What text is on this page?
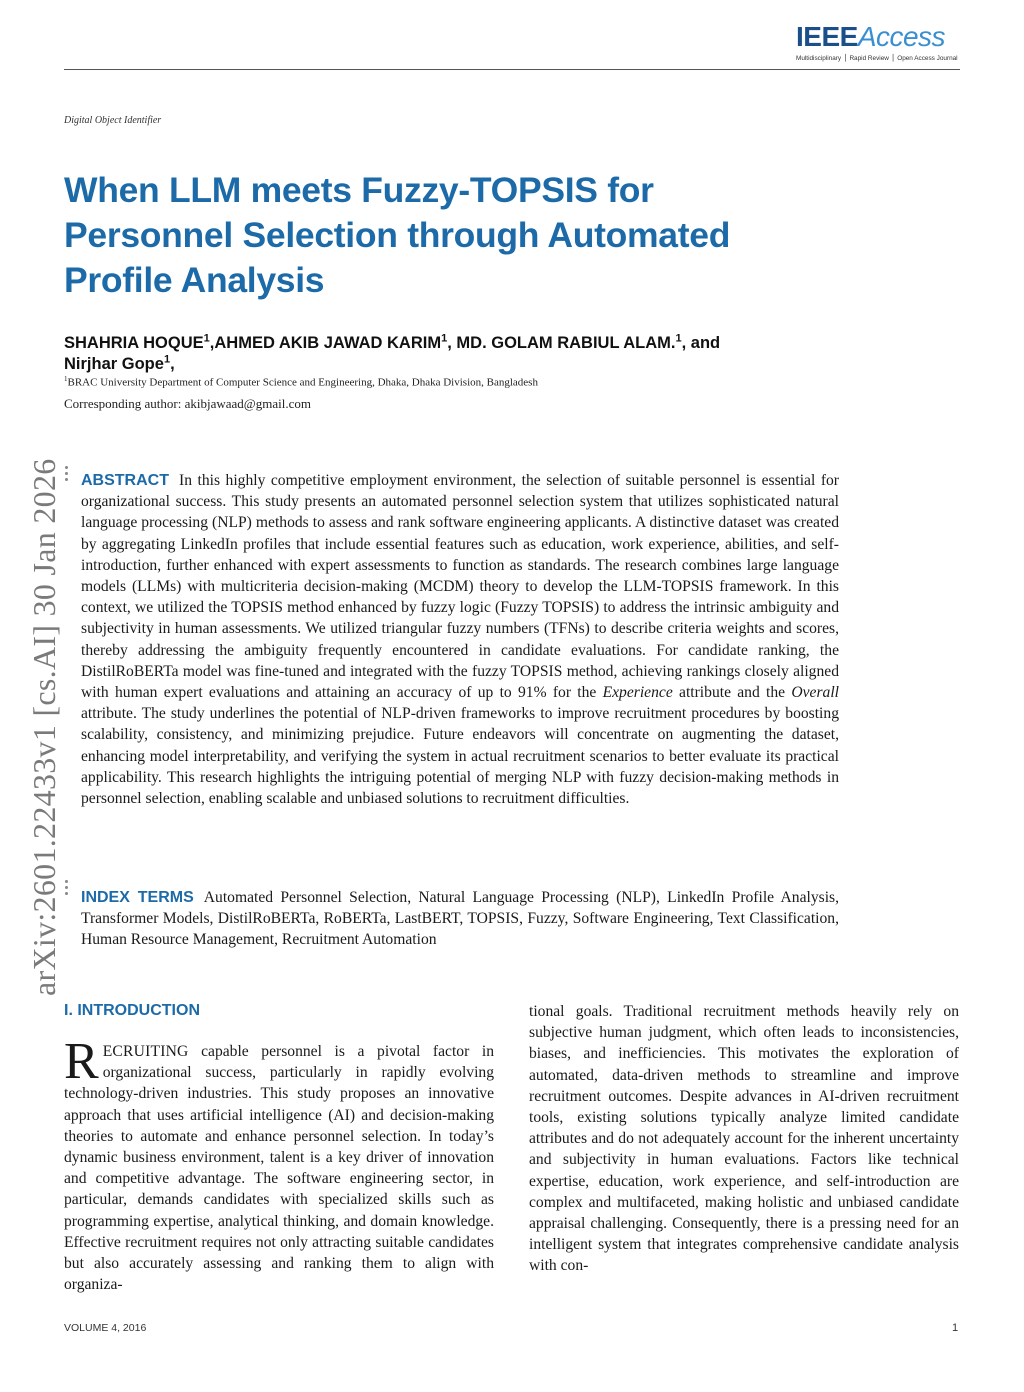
IEEEAccess
Multidisciplinary ⎪ Rapid Review ⎪ Open Access Journal
Digital Object Identifier
When LLM meets Fuzzy-TOPSIS for
Personnel Selection through Automated
Profile Analysis
SHAHRIA HOQUE$^1$,AHMED AKIB JAWAD KARIM$^1$, MD. GOLAM RABIUL ALAM.$^1$, and
Nirjhar Gope$^1$,
$^1$BRAC University Department of Computer Science and Engineering, Dhaka, Dhaka Division, Bangladesh
Corresponding author: akibjawaad@gmail.com
arXiv:2601.22433v1 [cs.AI] 30 Jan 2026 ABSTRACT In this highly competitive employment environment, the selection of suitable personnel is essential for organizational success. This study presents an automated personnel selection system that utilizes sophisticated natural language processing (NLP) methods to assess and rank software engineering applicants. A distinctive dataset was created by aggregating LinkedIn profiles that include essential features such as education, work experience, abilities, and self-introduction, further enhanced with expert assessments to function as standards. The research combines large language models (LLMs) with multicriteria decision-making (MCDM) theory to develop the LLM-TOPSIS framework. In this context, we utilized the TOPSIS method enhanced by fuzzy logic (Fuzzy TOPSIS) to address the intrinsic ambiguity and subjectivity in human assessments. We utilized triangular fuzzy numbers (TFNs) to describe criteria weights and scores, thereby addressing the ambiguity frequently encountered in candidate evaluations. For candidate ranking, the DistilRoBERTa model was fine-tuned and integrated with the fuzzy TOPSIS method, achieving rankings closely aligned with human expert evaluations and attaining an accuracy of up to 91% for the Experience attribute and the Overall attribute. The study underlines the potential of NLP-driven frameworks to improve recruitment procedures by boosting scalability, consistency, and minimizing prejudice. Future endeavors will concentrate on augmenting the dataset, enhancing model interpretability, and verifying the system in actual recruitment scenarios to better evaluate its practical applicability. This research highlights the intriguing potential of merging NLP with fuzzy decision-making methods in personnel selection, enabling scalable and unbiased solutions to recruitment difficulties.
INDEX TERMS Automated Personnel Selection, Natural Language Processing (NLP), LinkedIn Profile Analysis, Transformer Models, DistilRoBERTa, RoBERTa, LastBERT, TOPSIS, Fuzzy, Software Engineering, Text Classification, Human Resource Management, Recruitment Automation
I. INTRODUCTION
RECRUITING capable personnel is a pivotal factor in organizational success, particularly in rapidly evolving technology-driven industries. This study proposes an innovative approach that uses artificial intelligence (AI) and decision-making theories to automate and enhance personnel selection. In today’s dynamic business environment, talent is a key driver of innovation and competitive advantage. The software engineering sector, in particular, demands candidates with specialized skills such as programming expertise, analytical thinking, and domain knowledge. Effective recruitment requires not only attracting suitable candidates but also accurately assessing and ranking them to align with organiza-
tional goals. Traditional recruitment methods heavily rely on subjective human judgment, which often leads to inconsistencies, biases, and inefficiencies. This motivates the exploration of automated, data-driven methods to streamline and improve recruitment outcomes. Despite advances in AI-driven recruitment tools, existing solutions typically analyze limited candidate attributes and do not adequately account for the inherent uncertainty and subjectivity in human evaluations. Factors like technical expertise, education, work experience, and self-introduction are complex and multifaceted, making holistic and unbiased candidate appraisal challenging. Consequently, there is a pressing need for an intelligent system that integrates comprehensive candidate analysis with con-
VOLUME 4, 2016	1
